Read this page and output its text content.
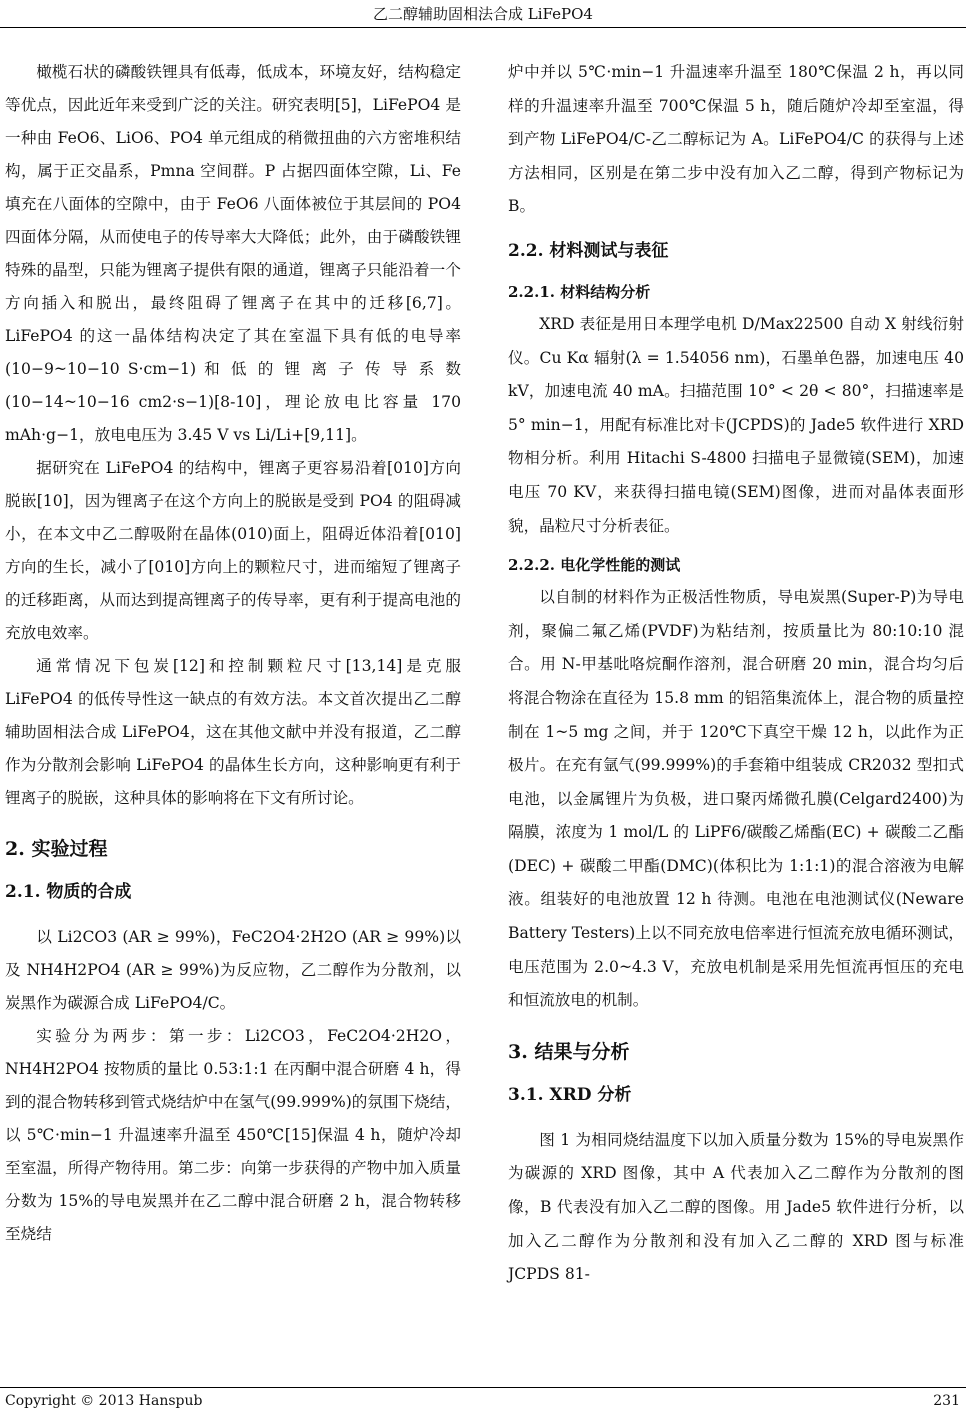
乙二醇辅助固相法合成 LiFePO4

橄榄石状的磷酸铁锂具有低毒，低成本，环境友好，结构稳定等优点，因此近年来受到广泛的关注。研究表明[5]，LiFePO4 是一种由 FeO6、LiO6、PO4 单元组成的稍微扭曲的六方密堆积结构，属于正交晶系，Pmna 空间群。P 占据四面体空隙，Li、Fe 填充在八面体的空隙中，由于 FeO6 八面体被位于其层间的 PO4 四面体分隔，从而使电子的传导率大大降低；此外，由于磷酸铁锂特殊的晶型，只能为锂离子提供有限的通道，锂离子只能沿着一个方向插入和脱出，最终阻碍了锂离子在其中的迁移[6,7]。LiFePO4 的这一晶体结构决定了其在室温下具有低的电导率(10−9~10−10 S·cm−1) 和 低 的 锂 离 子 传 导 系 数 (10−14~10−16 cm2·s−1)[8-10]，理论放电比容量 170 mAh·g−1，放电电压为 3.45 V vs Li/Li+[9,11]。

据研究在 LiFePO4 的结构中，锂离子更容易沿着[010]方向脱嵌[10]，因为锂离子在这个方向上的脱嵌是受到 PO4 的阻碍减小，在本文中乙二醇吸附在晶体(010)面上，阻碍近体沿着[010]方向的生长，减小了[010]方向上的颗粒尺寸，进而缩短了锂离子的迁移距离，从而达到提高锂离子的传导率，更有利于提高电池的充放电效率。

通常情况下包炭[12]和控制颗粒尺寸[13,14]是克服 LiFePO4 的低传导性这一缺点的有效方法。本文首次提出乙二醇辅助固相法合成 LiFePO4，这在其他文献中并没有报道，乙二醇作为分散剂会影响 LiFePO4 的晶体生长方向，这种影响更有利于锂离子的脱嵌，这种具体的影响将在下文有所讨论。

2. 实验过程
2.1. 物质的合成

以 Li2CO3 (AR ≥ 99%)，FeC2O4·2H2O (AR ≥ 99%)以及 NH4H2PO4 (AR ≥ 99%)为反应物，乙二醇作为分散剂，以炭黑作为碳源合成 LiFePO4/C。

实验分为两步：第一步：Li2CO3，FeC2O4·2H2O，NH4H2PO4 按物质的量比 0.53:1:1 在丙酮中混合研磨 4 h，得到的混合物转移到管式烧结炉中在氢气(99.999%)的氛围下烧结，以 5℃·min−1 升温速率升温至 450℃[15]保温 4 h，随炉冷却至室温，所得产物待用。第二步：向第一步获得的产物中加入质量分数为 15%的导电炭黑并在乙二醇中混合研磨 2 h，混合物转移至烧结

炉中并以 5℃·min−1 升温速率升温至 180℃保温 2 h，再以同样的升温速率升温至 700℃保温 5 h，随后随炉冷却至室温，得到产物 LiFePO4/C-乙二醇标记为 A。LiFePO4/C 的获得与上述方法相同，区别是在第二步中没有加入乙二醇，得到产物标记为 B。

2.2. 材料测试与表征
2.2.1. 材料结构分析

XRD 表征是用日本理学电机 D/Max22500 自动 X 射线衍射仪。Cu Kα 辐射(λ = 1.54056 nm)，石墨单色器，加速电压 40 kV，加速电流 40 mA。扫描范围 10° < 2θ < 80°，扫描速率是 5° min−1，用配有标准比对卡(JCPDS)的 Jade5 软件进行 XRD 物相分析。利用 Hitachi S-4800 扫描电子显微镜(SEM)，加速电压 70 KV，来获得扫描电镜(SEM)图像，进而对晶体表面形貌，晶粒尺寸分析表征。

2.2.2. 电化学性能的测试

以自制的材料作为正极活性物质，导电炭黑(Super-P)为导电剂，聚偏二氟乙烯(PVDF)为粘结剂，按质量比为 80:10:10 混合。用 N-甲基吡咯烷酮作溶剂，混合研磨 20 min，混合均匀后将混合物涂在直径为 15.8 mm 的铝箔集流体上，混合物的质量控制在 1~5 mg 之间，并于 120℃下真空干燥 12 h，以此作为正极片。在充有氩气(99.999%)的手套箱中组装成 CR2032 型扣式电池，以金属锂片为负极，进口聚丙烯微孔膜(Celgard2400)为隔膜，浓度为 1 mol/L 的 LiPF6/碳酸乙烯酯(EC) + 碳酸二乙酯(DEC) + 碳酸二甲酯(DMC)(体积比为 1:1:1)的混合溶液为电解液。组装好的电池放置 12 h 待测。电池在电池测试仪(Neware Battery Testers)上以不同充放电倍率进行恒流充放电循环测试，电压范围为 2.0~4.3 V，充放电机制是采用先恒流再恒压的充电和恒流放电的机制。

3. 结果与分析
3.1. XRD 分析

图 1 为相同烧结温度下以加入质量分数为 15%的导电炭黑作为碳源的 XRD 图像，其中 A 代表加入乙二醇作为分散剂的图像，B 代表没有加入乙二醇的图像。用 Jade5 软件进行分析，以加入乙二醇作为分散剂和没有加入乙二醇的 XRD 图与标准 JCPDS 81-

Copyright © 2013 Hanspub	231
